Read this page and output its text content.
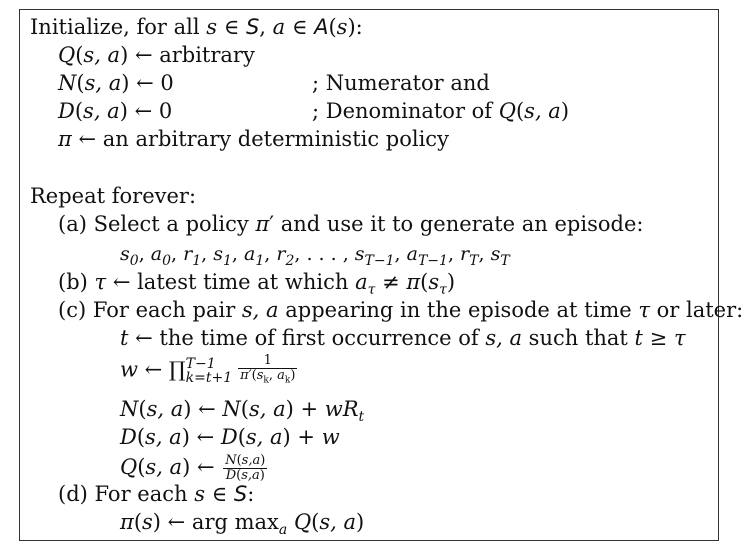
Initialize, for all s ∈ S, a ∈ A(s):
Q(s, a) ← arbitrary
N(s, a) ← 0	; Numerator and
D(s, a) ← 0	; Denominator of Q(s, a)
π ← an arbitrary deterministic policy
Repeat forever:
(a) Select a policy π′ and use it to generate an episode:
$s_0$, $a_0$, $r_1$, $s_1$, $a_1$, $r_2$, . . . , $s_{T-1}$, $a_{T-1}$, $r_T$, $s_T$
(b) τ ← latest time at which $a_\tau \ne \pi(s_\tau)$
(c) For each pair s, a appearing in the episode at time τ or later:
t ← the time of first occurrence of s, a such that t ≥ τ
w ← ∏ T−1
$k=t+1 \frac{1}{\pi'(s_k, a_k)}$
N(s, a) ← N(s, $a) + wR_t$
D(s, a) ← D(s, a) + w
Q(s, a) ← $\frac{N(s,a)}{D(s,a)}$
(d) For each s ∈ S:
π(s) ← arg $\max_a Q(s$, a)
